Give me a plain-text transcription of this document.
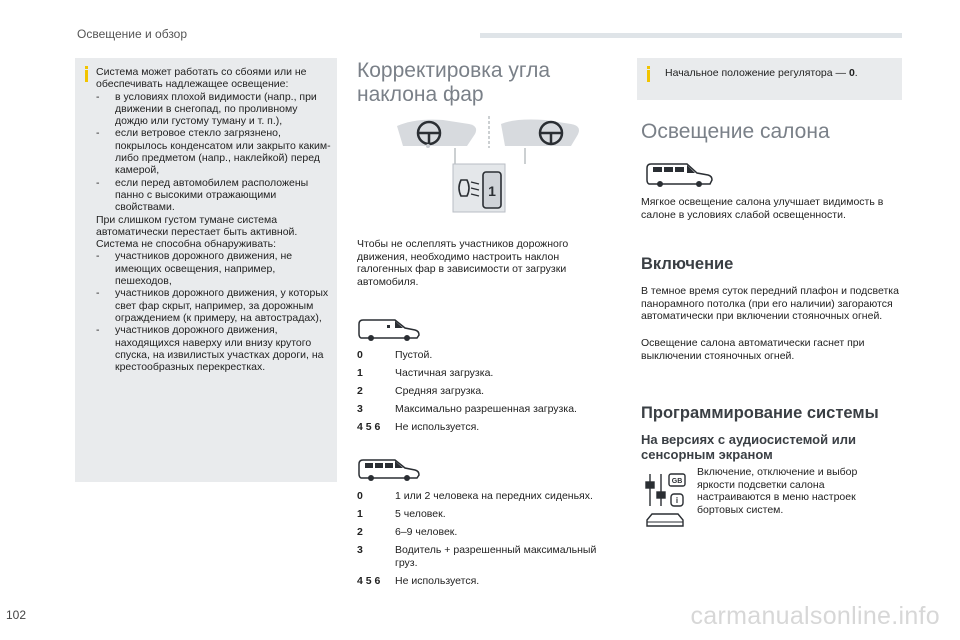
Освещение и обзор

Система может работать со сбоями или не обеспечивать надлежащее освещение:

-	в условиях плохой видимости (напр., при движении в снегопад, по проливному дождю или густому туману и т. п.),
-	если ветровое стекло загрязнено, покрылось конденсатом или закрыто каким-либо предметом (напр., наклейкой) перед камерой,
-	если перед автомобилем расположены панно с высокими отражающими свойствами.

При слишком густом тумане система автоматически перестает быть активной.

Система не способна обнаруживать:

-	участников дорожного движения, не имеющих освещения, например, пешеходов,
-	участников дорожного движения, у которых свет фар скрыт, например, за дорожным ограждением (к примеру, на автострадах),
-	участников дорожного движения, находящихся наверху или внизу крутого спуска, на извилистых участках дороги, на крестообразных перекрестках.
Корректировка угла
наклона фар
1

Чтобы не ослеплять участников дорожного движения, необходимо настроить наклон галогенных фар в зависимости от загрузки автомобиля.

0	Пустой.
1	Частичная загрузка.
2	Средняя загрузка.
3	Максимально разрешенная загрузка.
4 5 6	Не используется.
0	1 или 2 человека на передних сиденьях.
1	5 человек.
2	6–9 человек.
3	Водитель + разрешенный максимальный груз.
4 5 6	Не используется.
Начальное положение регулятора — 0.
Освещение салона

Мягкое освещение салона улучшает видимость в салоне в условиях слабой освещенности.

Включение

В темное время суток передний плафон и подсветка панорамного потолка (при его наличии) загораются автоматически при включении стояночных огней.

Освещение салона автоматически гаснет при выключении стояночных огней.

Программирование системы
На версиях с аудиосистемой или
сенсорным экраном
GB
i

Включение, отключение и выбор яркости подсветки салона настраиваются в меню настроек бортовых систем.

102	carmanualsonline.info
